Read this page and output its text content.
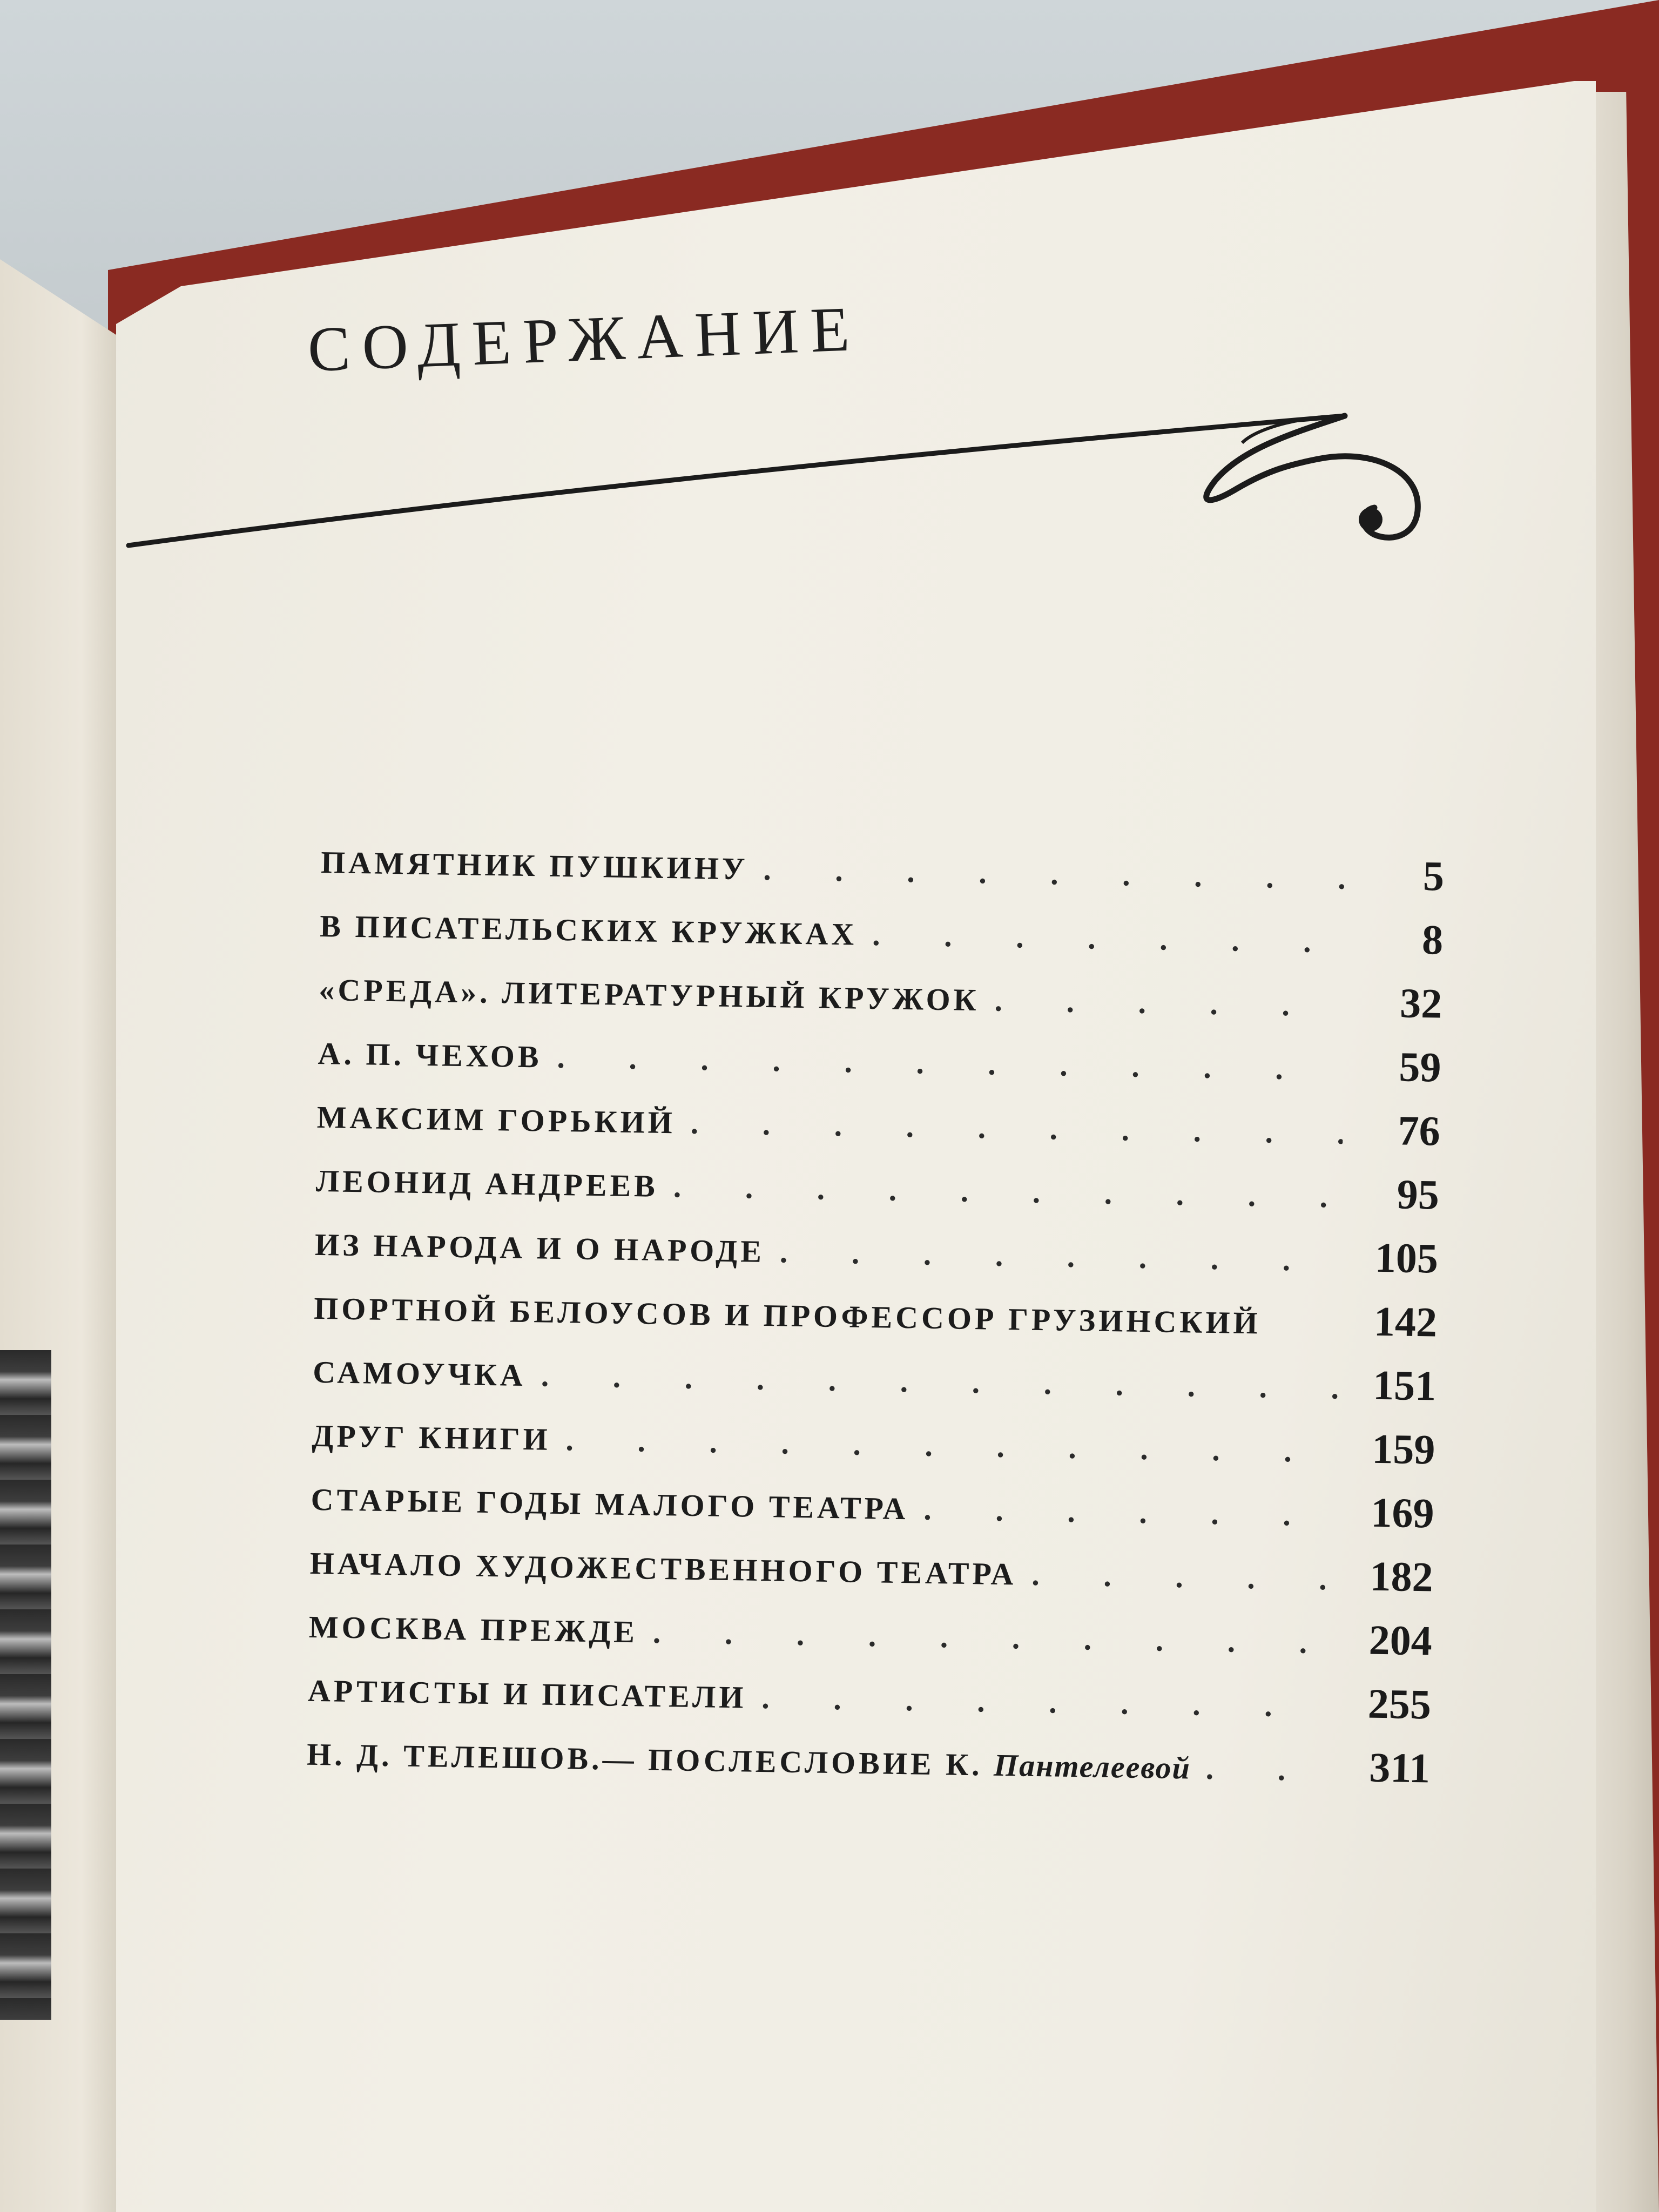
СОДЕРЖАНИЕ
ПАМЯТНИК ПУШКИНУ . . .	5
В ПИСАТЕЛЬСКИХ КРУЖКАХ . . .	8
«СРЕДА». ЛИТЕРАТУРНЫЙ КРУЖОК . . .	32
А. П. ЧЕХОВ . . .	59
МАКСИМ ГОРЬКИЙ . . .	76
ЛЕОНИД АНДРЕЕВ . . .	95
ИЗ НАРОДА И О НАРОДЕ . . .	105
ПОРТНОЙ БЕЛОУСОВ И ПРОФЕССОР ГРУЗИНСКИЙ	142
САМОУЧКА . . .	151
ДРУГ КНИГИ . . .	159
СТАРЫЕ ГОДЫ МАЛОГО ТЕАТРА . . .	169
НАЧАЛО ХУДОЖЕСТВЕННОГО ТЕАТРА . . .	182
МОСКВА ПРЕЖДЕ . . .	204
АРТИСТЫ И ПИСАТЕЛИ . . .	255
Н. Д. ТЕЛЕШОВ.— ПОСЛЕСЛОВИЕ К. Пантелеевой . . .	311
